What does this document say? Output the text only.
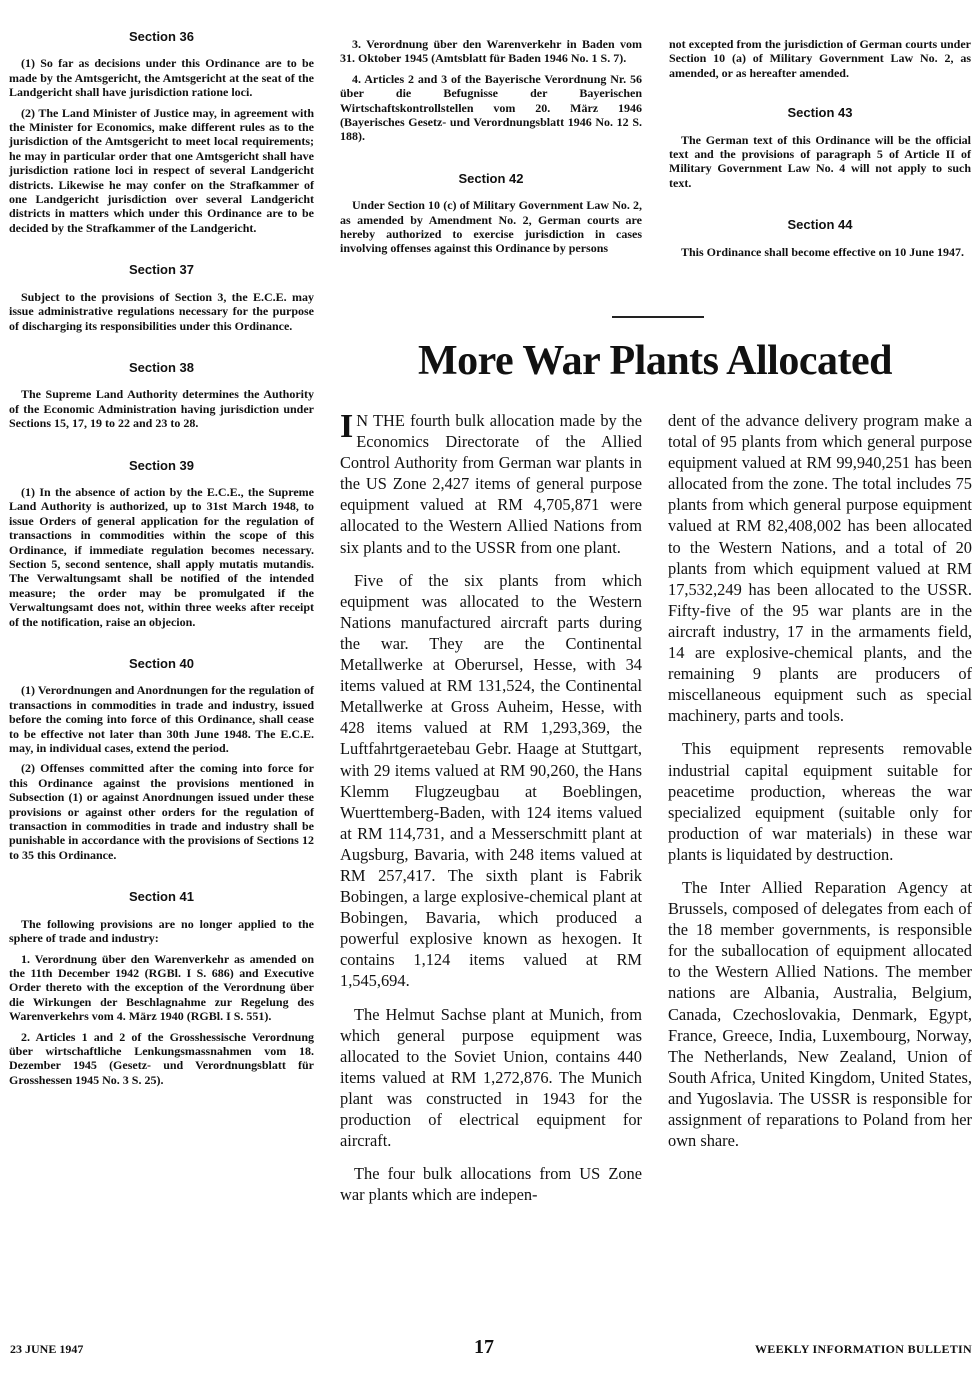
Section 36

(1) So far as decisions under this Ordinance are to be made by the Amtsgericht, the Amtsgericht at the seat of the Landgericht shall have jurisdiction ratione loci.

(2) The Land Minister of Justice may, in agreement with the Minister for Economics, make different rules as to the jurisdiction of the Amtsgericht to meet local requirements; he may in particular order that one Amtsgericht shall have jurisdiction ratione loci in respect of several Landgericht districts. Likewise he may confer on the Strafkammer of one Landgericht jurisdiction over several Landgericht districts in matters which under this Ordinance are to be decided by the Strafkammer of the Landgericht.

Section 37

Subject to the provisions of Section 3, the E.C.E. may issue administrative regulations necessary for the purpose of discharging its responsibilities under this Ordinance.

Section 38

The Supreme Land Authority determines the Authority of the Economic Administration having jurisdiction under Sections 15, 17, 19 to 22 and 23 to 28.

Section 39

(1) In the absence of action by the E.C.E., the Supreme Land Authority is authorized, up to 31st March 1948, to issue Orders of general application for the regulation of transactions in commodities within the scope of this Ordinance, if immediate regulation becomes necessary. Section 5, second sentence, shall apply mutatis mutandis. The Verwaltungsamt shall be notified of the intended measure; the order may be promulgated if the Verwaltungsamt does not, within three weeks after receipt of the notification, raise an objecion.

Section 40

(1) Verordnungen and Anordnungen for the regulation of transactions in commodities in trade and industry, issued before the coming into force of this Ordinance, shall cease to be effective not later than 30th June 1948. The E.C.E. may, in individual cases, extend the period.

(2) Offenses committed after the coming into force for this Ordinance against the provisions mentioned in Subsection (1) or against Anordnungen issued under these provisions or against other orders for the regulation of transaction in commodities in trade and industry shall be punishable in accordance with the provisions of Sections 12 to 35 this Ordinance.

Section 41

The following provisions are no longer applied to the sphere of trade and industry:

1. Verordnung über den Warenverkehr as amended on the 11th December 1942 (RGBl. I S. 686) and Executive Order thereto with the exception of the Verordnung über die Wirkungen der Beschlagnahme zur Regelung des Warenverkehrs vom 4. März 1940 (RGBl. I S. 551).

2. Articles 1 and 2 of the Grosshessische Verordnung über wirtschaftliche Lenkungsmassnahmen vom 18. Dezember 1945 (Gesetz- und Verordnungsblatt für Grosshessen 1945 No. 3 S. 25).

3. Verordnung über den Warenverkehr in Baden vom 31. Oktober 1945 (Amtsblatt für Baden 1946 No. 1 S. 7).

4. Articles 2 and 3 of the Bayerische Verordnung Nr. 56 über die Befugnisse der Bayerischen Wirtschaftskontrollstellen vom 20. März 1946 (Bayerisches Gesetz- und Verordnungsblatt 1946 No. 12 S. 188).

Section 42

Under Section 10 (c) of Military Government Law No. 2, as amended by Amendment No. 2, German courts are hereby authorized to exercise jurisdiction in cases involving offenses against this Ordinance by persons

not excepted from the jurisdiction of German courts under Section 10 (a) of Military Government Law No. 2, as amended, or as hereafter amended.

Section 43

The German text of this Ordinance will be the official text and the provisions of paragraph 5 of Article II of Military Government Law No. 4 will not apply to such text.

Section 44

This Ordinance shall become effective on 10 June 1947.

More War Plants Allocated

I N THE fourth bulk allocation made by the Economics Directorate of the Allied Control Authority from German war plants in the US Zone 2,427 items of general purpose equipment valued at RM 4,705,871 were allocated to the Western Allied Nations from six plants and to the USSR from one plant.

Five of the six plants from which equipment was allocated to the Western Nations manufactured aircraft parts during the war. They are the Continental Metallwerke at Oberursel, Hesse, with 34 items valued at RM 131,524, the Continental Metallwerke at Gross Auheim, Hesse, with 428 items valued at RM 1,293,369, the Luftfahrtgeraetebau Gebr. Haage at Stuttgart, with 29 items valued at RM 90,260, the Hans Klemm Flugzeugbau at Boeblingen, Wuerttemberg-Baden, with 124 items valued at RM 114,731, and a Messerschmitt plant at Augsburg, Bavaria, with 248 items valued at RM 257,417. The sixth plant is Fabrik Bobingen, a large explosive-chemical plant at Bobingen, Bavaria, which produced a powerful explosive known as hexogen. It contains 1,124 items valued at RM 1,545,694.

The Helmut Sachse plant at Munich, from which general purpose equipment was allocated to the Soviet Union, contains 440 items valued at RM 1,272,876. The Munich plant was constructed in 1943 for the production of electrical equipment for aircraft.

The four bulk allocations from US Zone war plants which are indepen-

dent of the advance delivery program make a total of 95 plants from which general purpose equipment valued at RM 99,940,251 has been allocated from the zone. The total includes 75 plants from which general purpose equipment valued at RM 82,408,002 has been allocated to the Western Nations, and a total of 20 plants from which equipment valued at RM 17,532,249 has been allocated to the USSR. Fifty-five of the 95 war plants are in the aircraft industry, 17 in the armaments field, 14 are explosive-chemical plants, and the remaining 9 plants are producers of miscellaneous equipment such as special machinery, parts and tools.

This equipment represents removable industrial capital equipment suitable for peacetime production, whereas the war specialized equipment (suitable only for production of war materials) in these war plants is liquidated by destruction.

The Inter Allied Reparation Agency at Brussels, composed of delegates from each of the 18 member governments, is responsible for the suballocation of equipment allocated to the Western Allied Nations. The member nations are Albania, Australia, Belgium, Canada, Czechoslovakia, Denmark, Egypt, France, Greece, India, Luxembourg, Norway, The Netherlands, New Zealand, Union of South Africa, United Kingdom, United States, and Yugoslavia. The USSR is responsible for assignment of reparations to Poland from her own share.

23 JUNE 1947	17	WEEKLY INFORMATION BULLETIN
